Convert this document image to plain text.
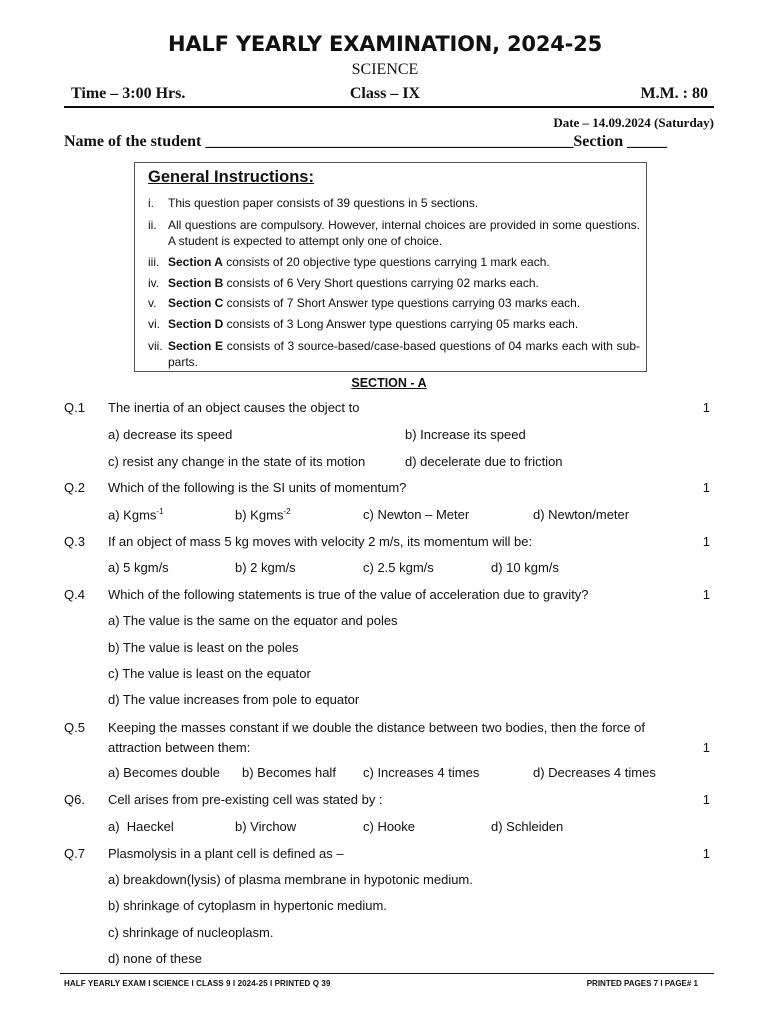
HALF YEARLY EXAMINATION, 2024-25
SCIENCE
Time – 3:00 Hrs.	Class – IX	M.M. : 80
Date – 14.09.2024 (Saturday)
Name of the student ______________________________________________Section _____
General Instructions:
i.	This question paper consists of 39 questions in 5 sections.
ii. All questions are compulsory. However, internal choices are provided in some questions. A student is expected to attempt only one of choice.
iii. Section A consists of 20 objective type questions carrying 1 mark each.
iv. Section B consists of 6 Very Short questions carrying 02 marks each.
v. Section C consists of 7 Short Answer type questions carrying 03 marks each.
vi. Section D consists of 3 Long Answer type questions carrying 05 marks each.
vii. Section E consists of 3 source-based/case-based questions of 04 marks each with sub-parts.
SECTION - A
Q.1 The inertia of an object causes the object to	1
a) decrease its speed	b) Increase its speed
c) resist any change in the state of its motion	d) decelerate due to friction
Q.2 Which of the following is the SI units of momentum?	1
a) Kgms$^{-1}$	b) Kgms$^{-2}$	c) Newton – Meter	d) Newton/meter
Q.3 If an object of mass 5 kg moves with velocity 2 m/s, its momentum will be:	1
a) 5 kgm/s	b) 2 kgm/s	c) 2.5 kgm/s	d) 10 kgm/s
Q.4 Which of the following statements is true of the value of acceleration due to gravity?	1
a) The value is the same on the equator and poles
b) The value is least on the poles
c) The value is least on the equator
d) The value increases from pole to equator
Q.5 Keeping the masses constant if we double the distance between two bodies, then the force of
attraction between them:	1
a) Becomes double b) Becomes half c) Increases 4 times	d) Decreases 4 times
Q6. Cell arises from pre-existing cell was stated by :	1
a)  Haeckel	b) Virchow	c) Hooke	d) Schleiden
Q.7 Plasmolysis in a plant cell is defined as –	1
a) breakdown(lysis) of plasma membrane in hypotonic medium.
b) shrinkage of cytoplasm in hypertonic medium.
c) shrinkage of nucleoplasm.
d) none of these
HALF YEARLY EXAM I SCIENCE I CLASS 9 I 2024-25 I PRINTED Q 39	PRINTED PAGES 7 I PAGE# 1
